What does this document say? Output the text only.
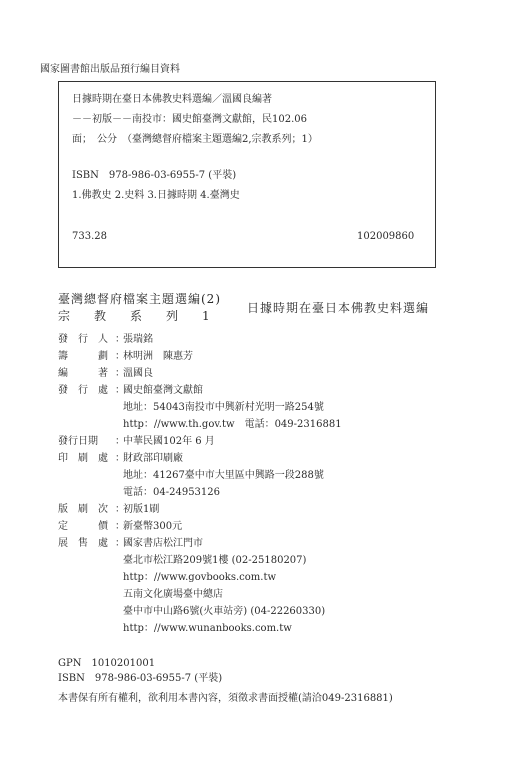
國家圖書館出版品預行編目資料
日據時期在臺日本佛教史料選編／溫國良編著
－－初版－－南投市：國史館臺灣文獻館，民102.06
面；　公分　（臺灣總督府檔案主題選編2,宗教系列；1）
ISBN　978-986-03-6955-7 (平裝)
1.佛教史 2.史料 3.日據時期 4.臺灣史
733.28	102009860
臺灣總督府檔案主題選編(2)
宗　　教　　系　　列　　1
日據時期在臺日本佛教史料選編
發　行　人 ：
張瑞銘
籌　　　劃 ：
林明洲　陳惠芳
編　　　著 ：
溫國良
發　行　處 ：
國史館臺灣文獻館
地址：54043南投市中興新村光明一路254號
http：//www.th.gov.tw　電話：049-2316881
發行日期 ：
中華民國102年 6 月
印　刷　處 ：
財政部印刷廠
地址：41267臺中市大里區中興路一段288號
電話：04-24953126
版　刷　次 ：
初版1刷
定　　　價 ：
新臺幣300元
展　售　處 ：
國家書店松江門市
臺北市松江路209號1樓 (02-25180207)
http：//www.govbooks.com.tw
五南文化廣場臺中總店
臺中市中山路6號(火車站旁) (04-22260330)
http：//www.wunanbooks.com.tw
GPN　1010201001
ISBN　978-986-03-6955-7 (平裝)
本書保有所有權利，欲利用本書內容，須徵求書面授權(請洽049-2316881)
